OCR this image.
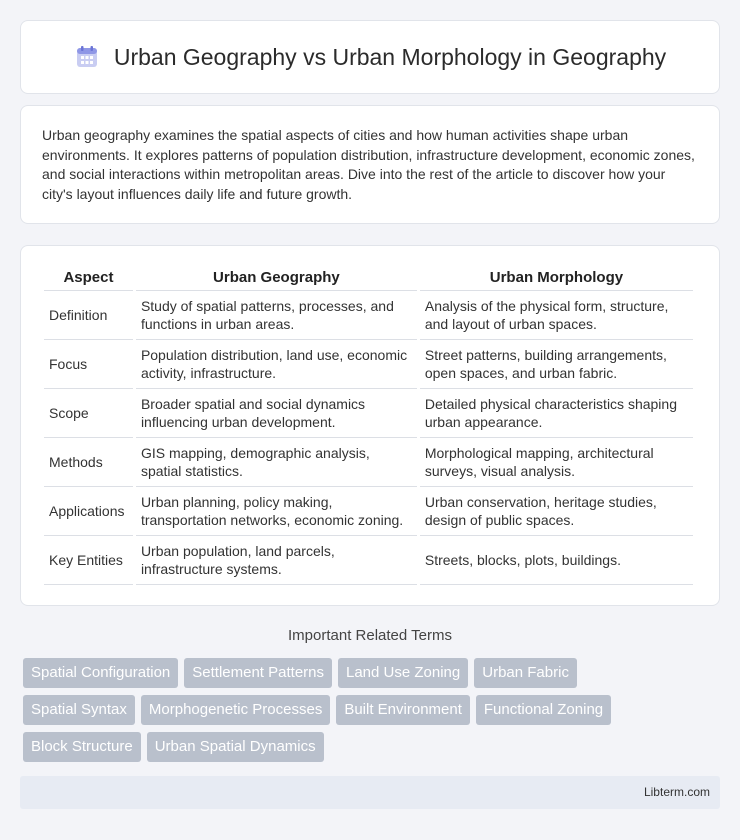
Urban Geography vs Urban Morphology in Geography

Urban geography examines the spatial aspects of cities and how human activities shape urban environments. It explores patterns of population distribution, infrastructure development, economic zones, and social interactions within metropolitan areas. Dive into the rest of the article to discover how your city's layout influences daily life and future growth.

Aspect	Urban Geography	Urban Morphology
Definition	Study of spatial patterns, processes, and functions in urban areas.	Analysis of the physical form, structure, and layout of urban spaces.
Focus	Population distribution, land use, economic activity, infrastructure.	Street patterns, building arrangements, open spaces, and urban fabric.
Scope	Broader spatial and social dynamics influencing urban development.	Detailed physical characteristics shaping urban appearance.
Methods	GIS mapping, demographic analysis, spatial statistics.	Morphological mapping, architectural surveys, visual analysis.
Applications	Urban planning, policy making, transportation networks, economic zoning.	Urban conservation, heritage studies, design of public spaces.
Key Entities	Urban population, land parcels, infrastructure systems.	Streets, blocks, plots, buildings.
Important Related Terms
Spatial Configuration	Settlement Patterns	Land Use Zoning	Urban Fabric
Spatial Syntax	Morphogenetic Processes	Built Environment	Functional Zoning
Block Structure	Urban Spatial Dynamics
Libterm.com
